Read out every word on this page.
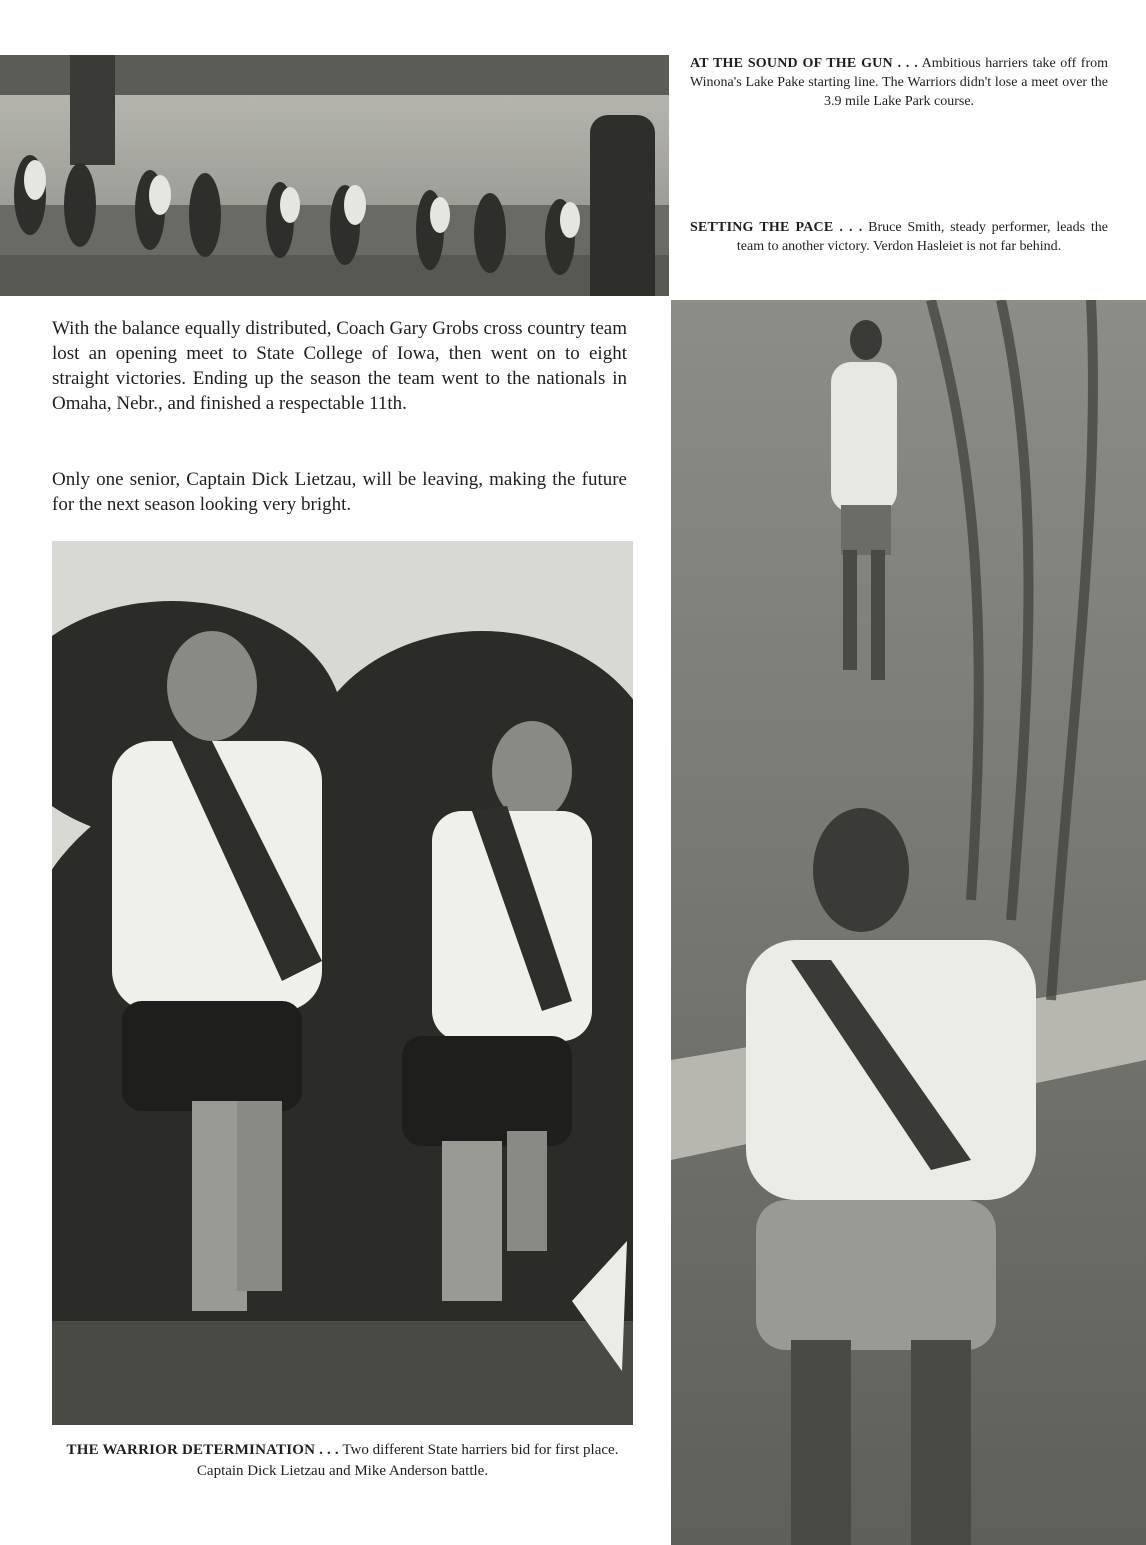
AT THE SOUND OF THE GUN . . . Ambitious harriers take off from Winona's Lake Pake starting line. The Warriors didn't lose a meet over the 3.9 mile Lake Park course.
SETTING THE PACE . . . Bruce Smith, steady performer, leads the team to another victory. Verdon Hasleiet is not far behind.

With the balance equally distributed, Coach Gary Grobs cross country team lost an opening meet to State College of Iowa, then went on to eight straight victories. Ending up the season the team went to the nationals in Omaha, Nebr., and finished a respectable 11th.

Only one senior, Captain Dick Lietzau, will be leaving, making the future for the next season looking very bright.

THE WARRIOR DETERMINATION . . . Two different State harriers bid for first place. Captain Dick Lietzau and Mike Anderson battle.
